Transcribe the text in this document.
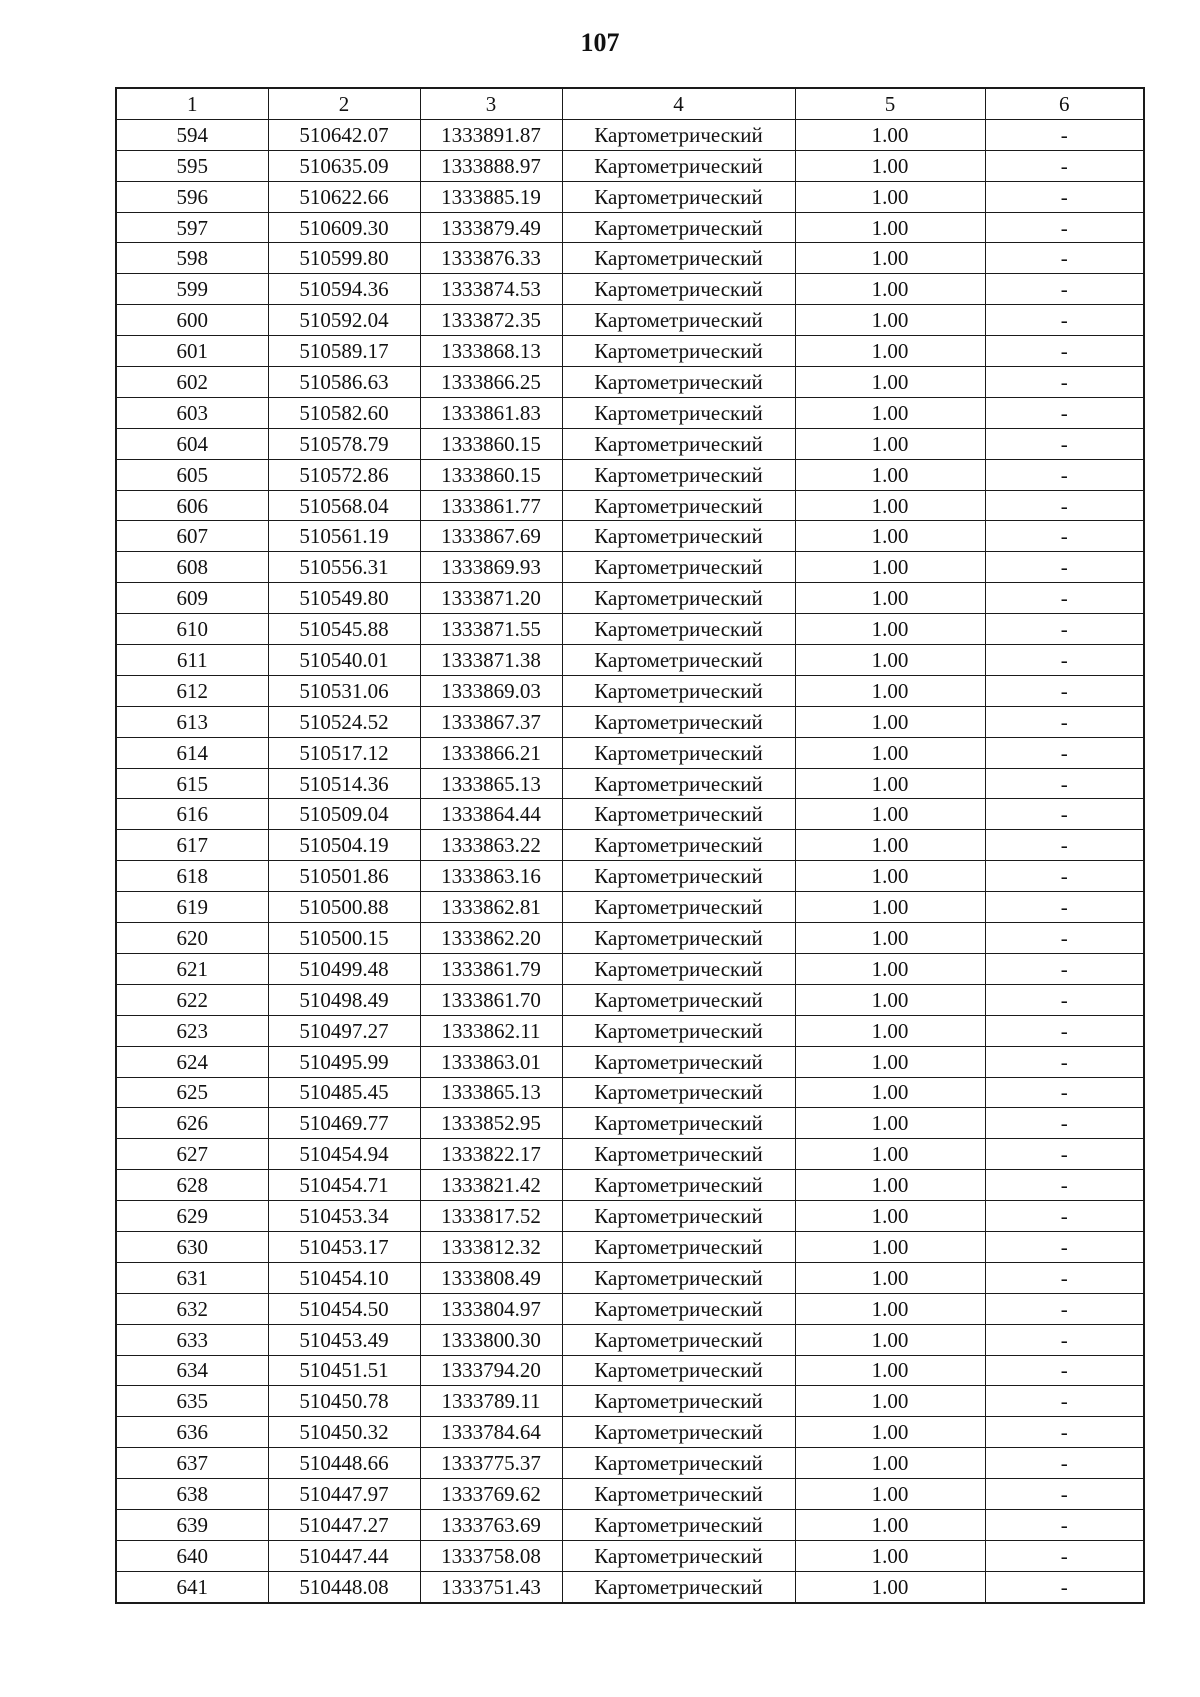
107
1	2	3	4	5	6
594	510642.07	1333891.87	Картометрический	1.00	-
595	510635.09	1333888.97	Картометрический	1.00	-
596	510622.66	1333885.19	Картометрический	1.00	-
597	510609.30	1333879.49	Картометрический	1.00	-
598	510599.80	1333876.33	Картометрический	1.00	-
599	510594.36	1333874.53	Картометрический	1.00	-
600	510592.04	1333872.35	Картометрический	1.00	-
601	510589.17	1333868.13	Картометрический	1.00	-
602	510586.63	1333866.25	Картометрический	1.00	-
603	510582.60	1333861.83	Картометрический	1.00	-
604	510578.79	1333860.15	Картометрический	1.00	-
605	510572.86	1333860.15	Картометрический	1.00	-
606	510568.04	1333861.77	Картометрический	1.00	-
607	510561.19	1333867.69	Картометрический	1.00	-
608	510556.31	1333869.93	Картометрический	1.00	-
609	510549.80	1333871.20	Картометрический	1.00	-
610	510545.88	1333871.55	Картометрический	1.00	-
611	510540.01	1333871.38	Картометрический	1.00	-
612	510531.06	1333869.03	Картометрический	1.00	-
613	510524.52	1333867.37	Картометрический	1.00	-
614	510517.12	1333866.21	Картометрический	1.00	-
615	510514.36	1333865.13	Картометрический	1.00	-
616	510509.04	1333864.44	Картометрический	1.00	-
617	510504.19	1333863.22	Картометрический	1.00	-
618	510501.86	1333863.16	Картометрический	1.00	-
619	510500.88	1333862.81	Картометрический	1.00	-
620	510500.15	1333862.20	Картометрический	1.00	-
621	510499.48	1333861.79	Картометрический	1.00	-
622	510498.49	1333861.70	Картометрический	1.00	-
623	510497.27	1333862.11	Картометрический	1.00	-
624	510495.99	1333863.01	Картометрический	1.00	-
625	510485.45	1333865.13	Картометрический	1.00	-
626	510469.77	1333852.95	Картометрический	1.00	-
627	510454.94	1333822.17	Картометрический	1.00	-
628	510454.71	1333821.42	Картометрический	1.00	-
629	510453.34	1333817.52	Картометрический	1.00	-
630	510453.17	1333812.32	Картометрический	1.00	-
631	510454.10	1333808.49	Картометрический	1.00	-
632	510454.50	1333804.97	Картометрический	1.00	-
633	510453.49	1333800.30	Картометрический	1.00	-
634	510451.51	1333794.20	Картометрический	1.00	-
635	510450.78	1333789.11	Картометрический	1.00	-
636	510450.32	1333784.64	Картометрический	1.00	-
637	510448.66	1333775.37	Картометрический	1.00	-
638	510447.97	1333769.62	Картометрический	1.00	-
639	510447.27	1333763.69	Картометрический	1.00	-
640	510447.44	1333758.08	Картометрический	1.00	-
641	510448.08	1333751.43	Картометрический	1.00	-
